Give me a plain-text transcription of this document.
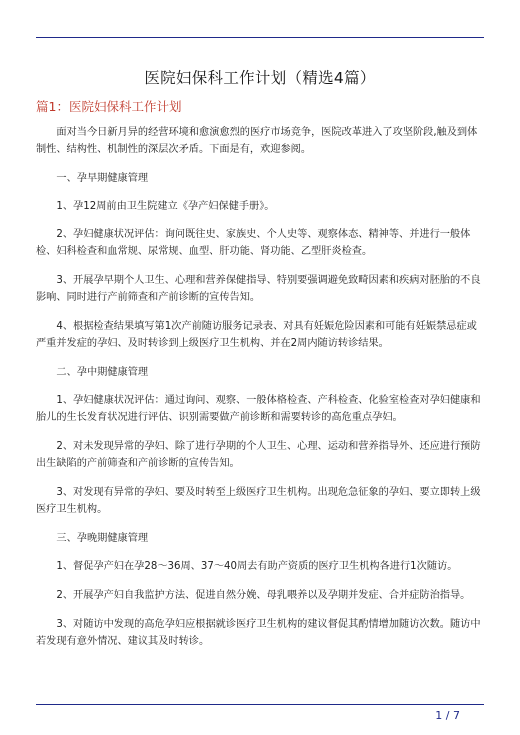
医院妇保科工作计划（精选4篇）
篇1：医院妇保科工作计划

面对当今日新月异的经营环境和愈演愈烈的医疗市场竞争，医院改革进入了攻坚阶段,触及到体制性、结构性、机制性的深层次矛盾。下面是有，欢迎参阅。

一、孕早期健康管理

1、孕12周前由卫生院建立《孕产妇保健手册》。

2、孕妇健康状况评估：询问既往史、家族史、个人史等、观察体态、精神等、并进行一般体检、妇科检查和血常规、尿常规、血型、肝功能、肾功能、乙型肝炎检查。

3、开展孕早期个人卫生、心理和营养保健指导、特别要强调避免致畸因素和疾病对胚胎的不良影响、同时进行产前筛查和产前诊断的宣传告知。

4、根据检查结果填写第1次产前随访服务记录表、对具有妊娠危险因素和可能有妊娠禁忌症或严重并发症的孕妇、及时转诊到上级医疗卫生机构、并在2周内随访转诊结果。

二、孕中期健康管理

1、孕妇健康状况评估：通过询问、观察、一般体格检查、产科检查、化验室检查对孕妇健康和胎儿的生长发育状况进行评估、识别需要做产前诊断和需要转诊的高危重点孕妇。

2、对未发现异常的孕妇、除了进行孕期的个人卫生、心理、运动和营养指导外、还应进行预防出生缺陷的产前筛查和产前诊断的宣传告知。

3、对发现有异常的孕妇、要及时转至上级医疗卫生机构。出现危急征象的孕妇、要立即转上级医疗卫生机构。

三、孕晚期健康管理

1、督促孕产妇在孕28～36周、37～40周去有助产资质的医疗卫生机构各进行1次随访。

2、开展孕产妇自我监护方法、促进自然分娩、母乳喂养以及孕期并发症、合并症防治指导。

3、对随访中发现的高危孕妇应根据就诊医疗卫生机构的建议督促其酌情增加随访次数。随访中若发现有意外情况、建议其及时转诊。

1 / 7
